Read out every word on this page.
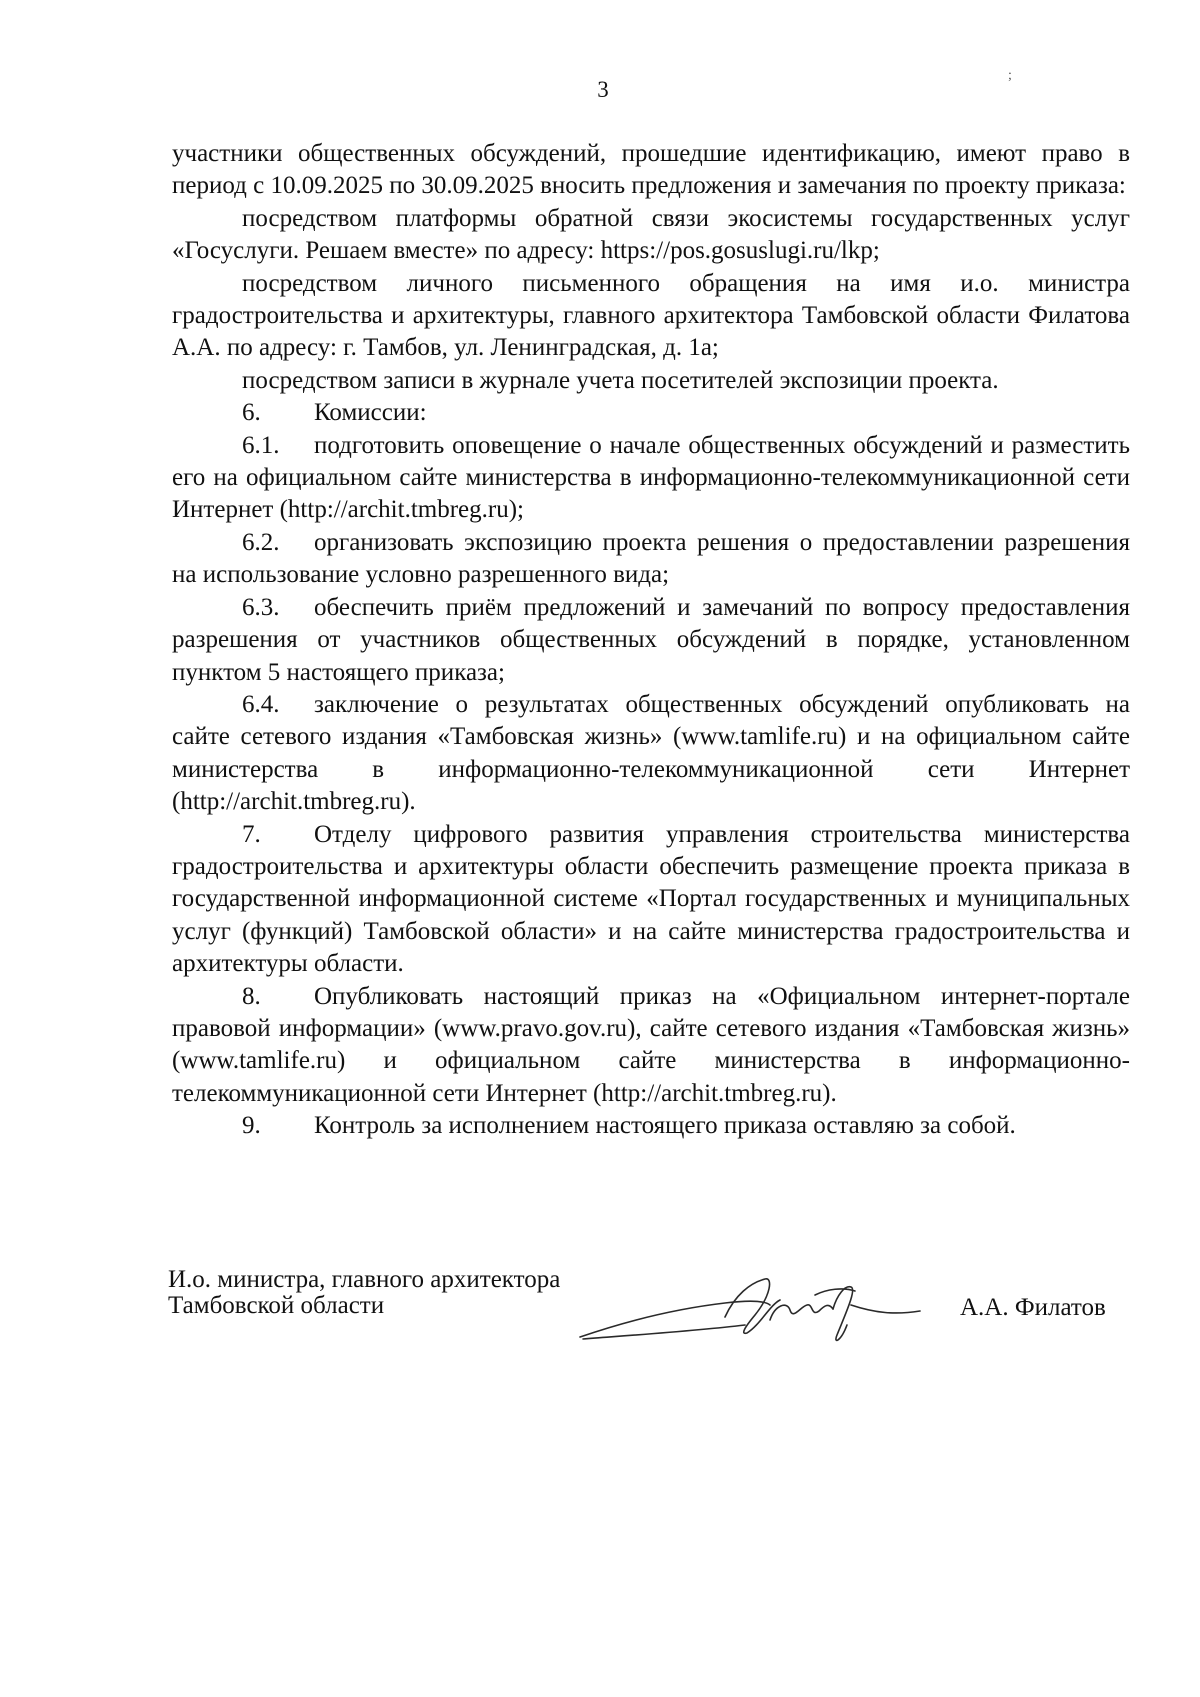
3
;

участники общественных обсуждений, прошедшие идентификацию, имеют право в период с 10.09.2025 по 30.09.2025 вносить предложения и замечания по проекту приказа:

посредством платформы обратной связи экосистемы государственных услуг «Госуслуги. Решаем вместе» по адресу: https://pos.gosuslugi.ru/lkp;

посредством личного письменного обращения на имя и.о. министра градостроительства и архитектуры, главного архитектора Тамбовской области Филатова А.А. по адресу: г. Тамбов, ул. Ленинградская, д. 1а;

посредством записи в журнале учета посетителей экспозиции проекта.

6. Комиссии:

6.1. подготовить оповещение о начале общественных обсуждений и разместить его на официальном сайте министерства в информационно-телекоммуникационной сети Интернет (http://archit.tmbreg.ru);

6.2. организовать экспозицию проекта решения о предоставлении разрешения на использование условно разрешенного вида;

6.3. обеспечить приём предложений и замечаний по вопросу предоставления разрешения от участников общественных обсуждений в порядке, установленном пунктом 5 настоящего приказа;

6.4. заключение о результатах общественных обсуждений опубликовать на сайте сетевого издания «Тамбовская жизнь» (www.tamlife.ru) и на официальном сайте министерства в информационно-телекоммуникационной сети Интернет (http://archit.tmbreg.ru).

7. Отделу цифрового развития управления строительства министерства градостроительства и архитектуры области обеспечить размещение проекта приказа в государственной информационной системе «Портал государственных и муниципальных услуг (функций) Тамбовской области» и на сайте министерства градостроительства и архитектуры области.

8. Опубликовать настоящий приказ на «Официальном интернет-портале правовой информации» (www.pravo.gov.ru), сайте сетевого издания «Тамбовская жизнь» (www.tamlife.ru) и официальном сайте министерства в информационно-телекоммуникационной сети Интернет (http://archit.tmbreg.ru).

9. Контроль за исполнением настоящего приказа оставляю за собой.

И.о. министра, главного архитектора
Тамбовской области	А.А. Филатов
